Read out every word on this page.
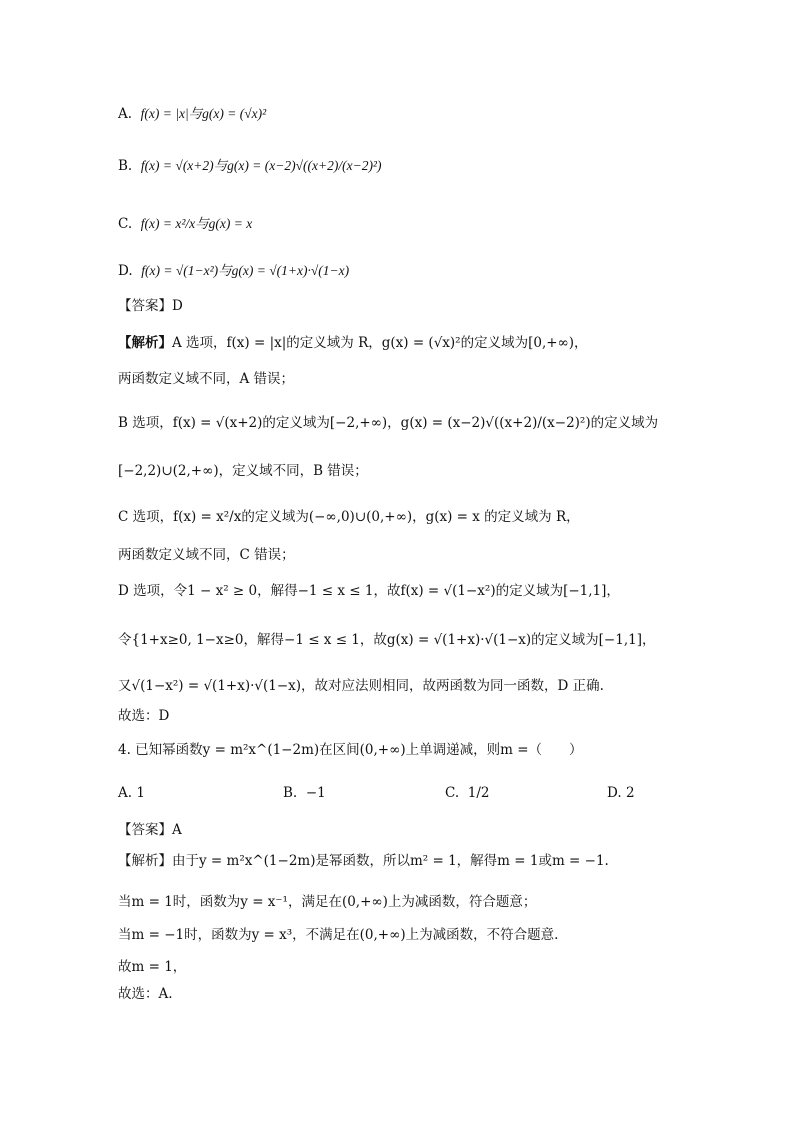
A. f(x) = |x|与g(x) = (√x)²
B. f(x) = √(x+2)与g(x) = (x−2)√((x+2)/(x−2)²)
C. f(x) = x²/x与g(x) = x
D. f(x) = √(1−x²)与g(x) = √(1+x)·√(1−x)
【答案】D
【解析】A 选项，f(x) = |x|的定义域为 R，g(x) = (√x)²的定义域为[0,+∞)，
两函数定义域不同，A 错误；
B 选项，f(x) = √(x+2)的定义域为[−2,+∞)，g(x) = (x−2)√((x+2)/(x−2)²)的定义域为
[−2,2)∪(2,+∞)，定义域不同，B 错误；
C 选项，f(x) = x²/x的定义域为(−∞,0)∪(0,+∞)，g(x) = x 的定义域为 R，
两函数定义域不同，C 错误；
D 选项，令1 − x² ≥ 0，解得−1 ≤ x ≤ 1，故f(x) = √(1−x²)的定义域为[−1,1]，
令{1+x≥0, 1−x≥0，解得−1 ≤ x ≤ 1，故g(x) = √(1+x)·√(1−x)的定义域为[−1,1]，
又√(1−x²) = √(1+x)·√(1−x)，故对应法则相同，故两函数为同一函数，D 正确.
故选：D
4. 已知幂函数y = m²x^(1−2m)在区间(0,+∞)上单调递减，则m =（　　）
A. 1	B. −1	C. 1/2	D. 2
【答案】A
【解析】由于y = m²x^(1−2m)是幂函数，所以m² = 1，解得m = 1或m = −1.
当m = 1时，函数为y = x⁻¹，满足在(0,+∞)上为减函数，符合题意；
当m = −1时，函数为y = x³，不满足在(0,+∞)上为减函数，不符合题意.
故m = 1，
故选：A.
